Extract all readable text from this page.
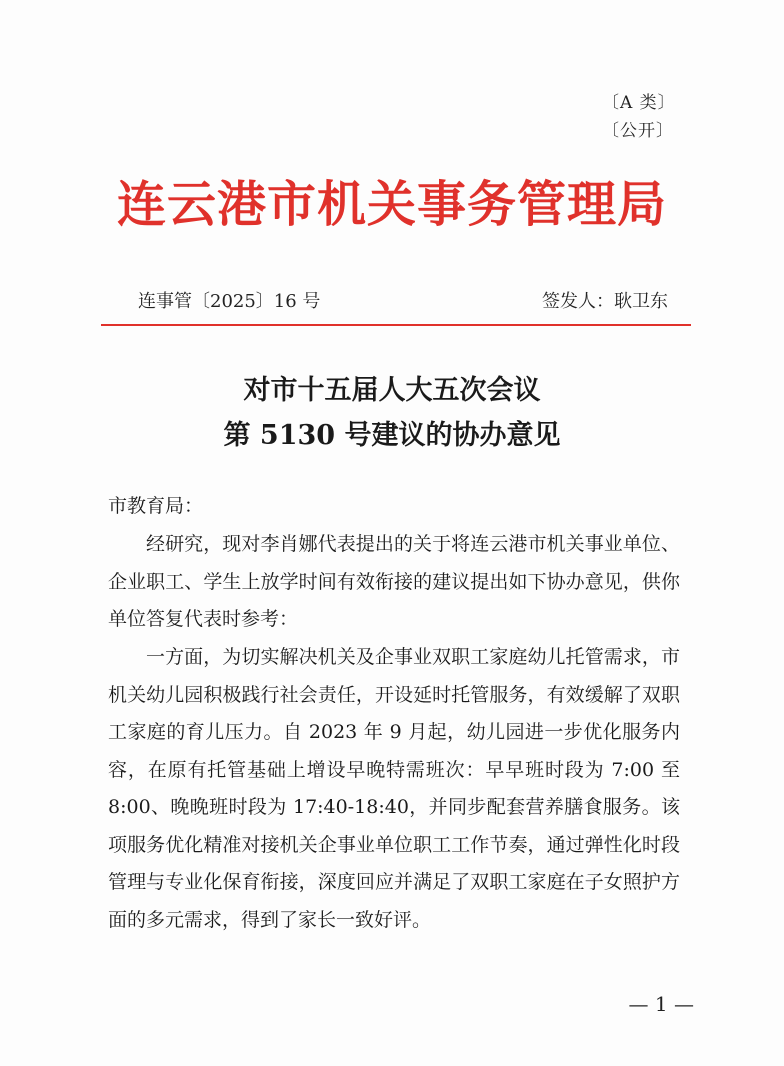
〔A 类〕
〔公开〕
连云港市机关事务管理局
连事管〔2025〕16 号	签发人：耿卫东
对市十五届人大五次会议
第 5130 号建议的协办意见
市教育局：

经研究，现对李肖娜代表提出的关于将连云港市机关事业单位、企业职工、学生上放学时间有效衔接的建议提出如下协办意见，供你单位答复代表时参考：

一方面，为切实解决机关及企事业双职工家庭幼儿托管需求，市机关幼儿园积极践行社会责任，开设延时托管服务，有效缓解了双职工家庭的育儿压力。自 2023 年 9 月起，幼儿园进一步优化服务内容，在原有托管基础上增设早晚特需班次：早早班时段为 7:00 至 8:00、晚晚班时段为 17:40-18:40，并同步配套营养膳食服务。该项服务优化精准对接机关企事业单位职工工作节奏，通过弹性化时段管理与专业化保育衔接，深度回应并满足了双职工家庭在子女照护方面的多元需求，得到了家长一致好评。

— 1 —
